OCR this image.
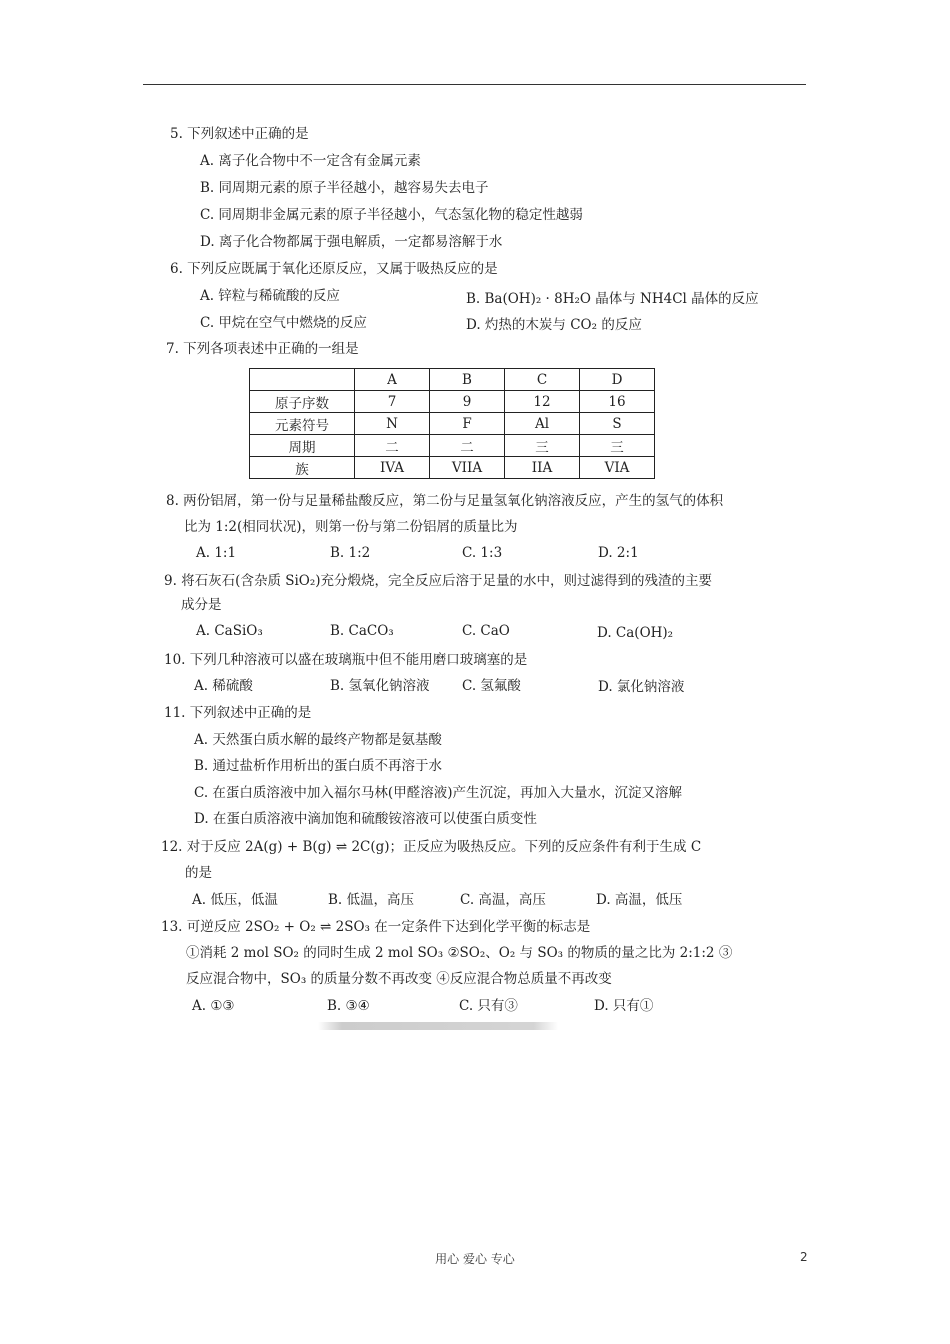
5. 下列叙述中正确的是
A. 离子化合物中不一定含有金属元素
B. 同周期元素的原子半径越小，越容易失去电子
C. 同周期非金属元素的原子半径越小，气态氢化物的稳定性越弱
D. 离子化合物都属于强电解质，一定都易溶解于水
6. 下列反应既属于氧化还原反应，又属于吸热反应的是
A. 锌粒与稀硫酸的反应	B. Ba(OH)₂ · 8H₂O 晶体与 NH4Cl 晶体的反应
C. 甲烷在空气中燃烧的反应	D. 灼热的木炭与 CO₂ 的反应
7. 下列各项表述中正确的一组是
	A	B	C	D
原子序数	7	9	12	16
元素符号	N	F	Al	S
周期	二	二	三	三
族	IVA	VIIA	IIA	VIA
8. 两份铝屑，第一份与足量稀盐酸反应，第二份与足量氢氧化钠溶液反应，产生的氢气的体积
比为 1:2(相同状况)，则第一份与第二份铝屑的质量比为
A. 1:1	B. 1:2	C. 1:3	D. 2:1
9. 将石灰石(含杂质 SiO₂)充分煅烧，完全反应后溶于足量的水中，则过滤得到的残渣的主要
成分是
A. CaSiO₃	B. CaCO₃	C. CaO	D. Ca(OH)₂
10. 下列几种溶液可以盛在玻璃瓶中但不能用磨口玻璃塞的是
A. 稀硫酸	B. 氢氧化钠溶液 C. 氢氟酸	D. 氯化钠溶液
11. 下列叙述中正确的是
A. 天然蛋白质水解的最终产物都是氨基酸
B. 通过盐析作用析出的蛋白质不再溶于水
C. 在蛋白质溶液中加入福尔马林(甲醛溶液)产生沉淀，再加入大量水，沉淀又溶解
D. 在蛋白质溶液中滴加饱和硫酸铵溶液可以使蛋白质变性
12. 对于反应 2A(g) + B(g) ⇌ 2C(g)；正反应为吸热反应。下列的反应条件有利于生成 C
的是
A. 低压，低温	B. 低温，高压	C. 高温，高压	D. 高温，低压
13. 可逆反应 2SO₂ + O₂ ⇌ 2SO₃ 在一定条件下达到化学平衡的标志是
①消耗 2 mol SO₂ 的同时生成 2 mol SO₃ ②SO₂、O₂ 与 SO₃ 的物质的量之比为 2:1:2 ③
反应混合物中，SO₃ 的质量分数不再改变 ④反应混合物总质量不再改变
A. ①③	B. ③④	C. 只有③	D. 只有①
用心 爱心 专心	2
